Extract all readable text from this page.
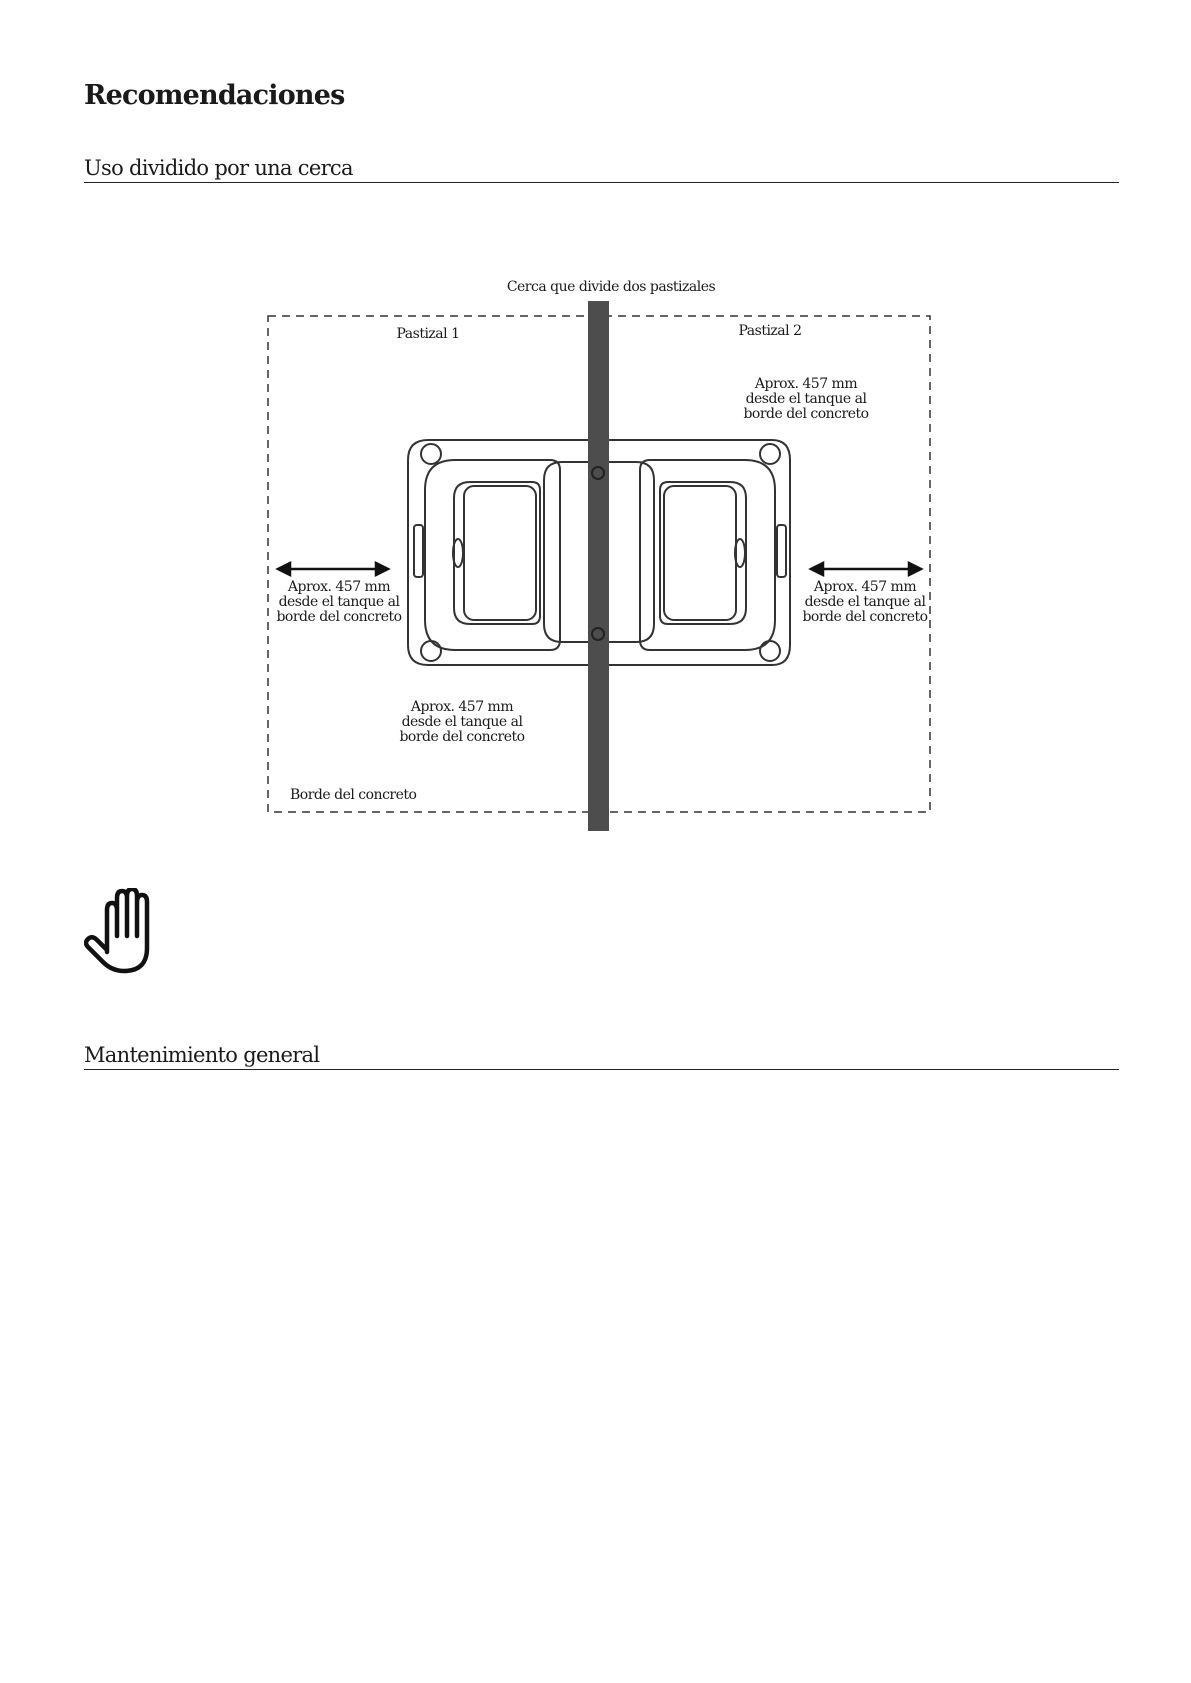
Recomendaciones
Uso dividido por una cerca
Cerca que divide dos pastizales
Pastizal 1	Pastizal 2
Aprox. 457 mm
desde el tanque al
borde del concreto
Aprox. 457 mm
desde el tanque al
borde del concreto
Aprox. 457 mm
desde el tanque al
borde del concreto
Aprox. 457 mm
desde el tanque al
borde del concreto
Borde del concreto
Mantenimiento general
